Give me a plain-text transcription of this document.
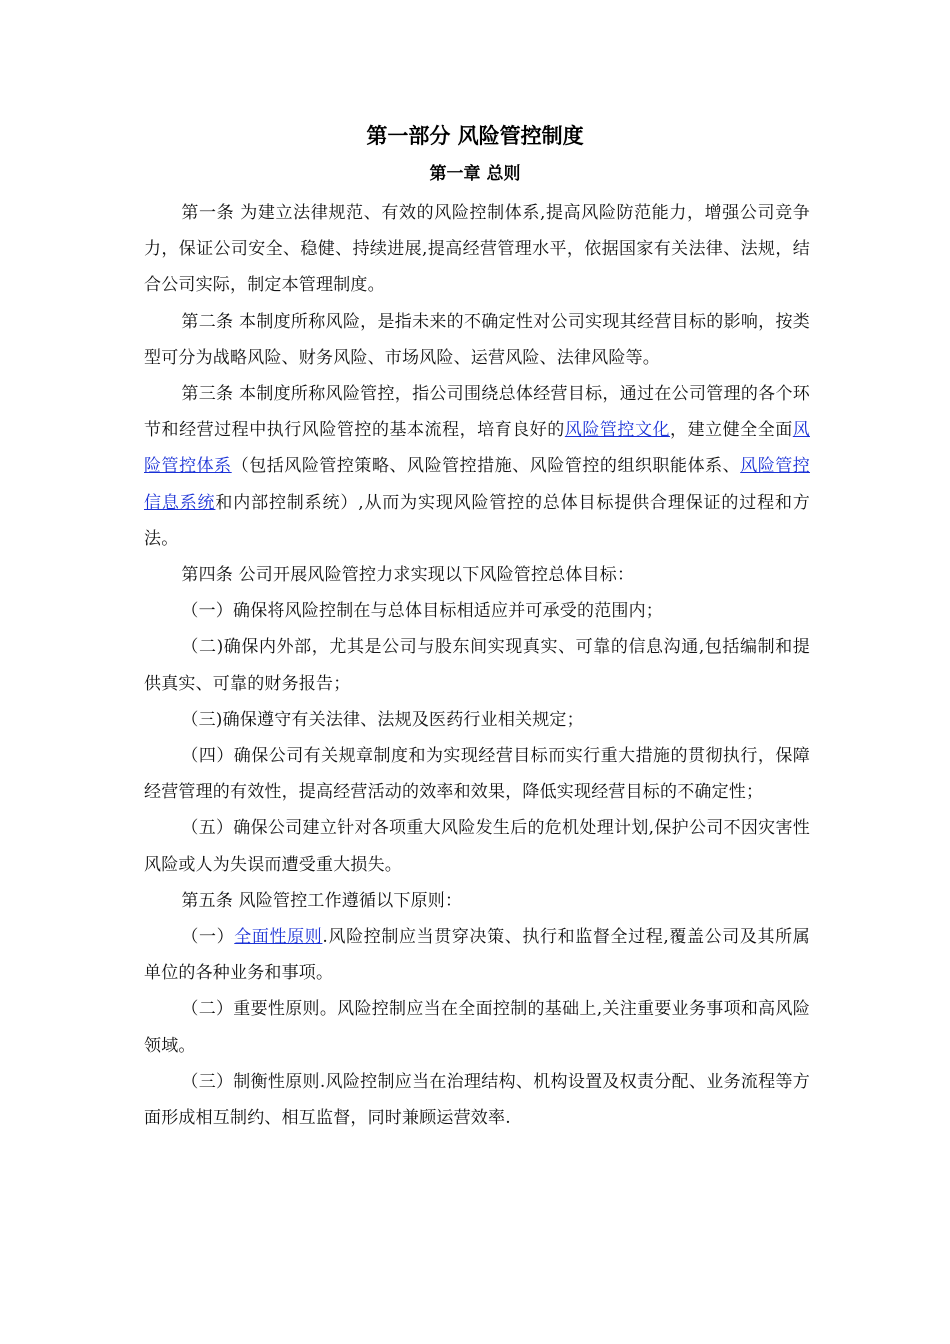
第一部分 风险管控制度
第一章 总则

第一条 为建立法律规范、有效的风险控制体系,提高风险防范能力，增强公司竞争力，保证公司安全、稳健、持续进展,提高经营管理水平，依据国家有关法律、法规，结合公司实际，制定本管理制度。

第二条 本制度所称风险，是指未来的不确定性对公司实现其经营目标的影响，按类型可分为战略风险、财务风险、市场风险、运营风险、法律风险等。

第三条 本制度所称风险管控，指公司围绕总体经营目标，通过在公司管理的各个环节和经营过程中执行风险管控的基本流程，培育良好的风险管控文化，建立健全全面风险管控体系（包括风险管控策略、风险管控措施、风险管控的组织职能体系、风险管控信息系统和内部控制系统）,从而为实现风险管控的总体目标提供合理保证的过程和方法。

第四条 公司开展风险管控力求实现以下风险管控总体目标：

（一）确保将风险控制在与总体目标相适应并可承受的范围内；

（二)确保内外部，尤其是公司与股东间实现真实、可靠的信息沟通,包括编制和提供真实、可靠的财务报告；

（三)确保遵守有关法律、法规及医药行业相关规定；

（四）确保公司有关规章制度和为实现经营目标而实行重大措施的贯彻执行，保障经营管理的有效性，提高经营活动的效率和效果，降低实现经营目标的不确定性；

（五）确保公司建立针对各项重大风险发生后的危机处理计划,保护公司不因灾害性风险或人为失误而遭受重大损失。

第五条 风险管控工作遵循以下原则：

（一）全面性原则.风险控制应当贯穿决策、执行和监督全过程,覆盖公司及其所属单位的各种业务和事项。

（二）重要性原则。风险控制应当在全面控制的基础上,关注重要业务事项和高风险领域。

（三）制衡性原则.风险控制应当在治理结构、机构设置及权责分配、业务流程等方面形成相互制约、相互监督，同时兼顾运营效率.
